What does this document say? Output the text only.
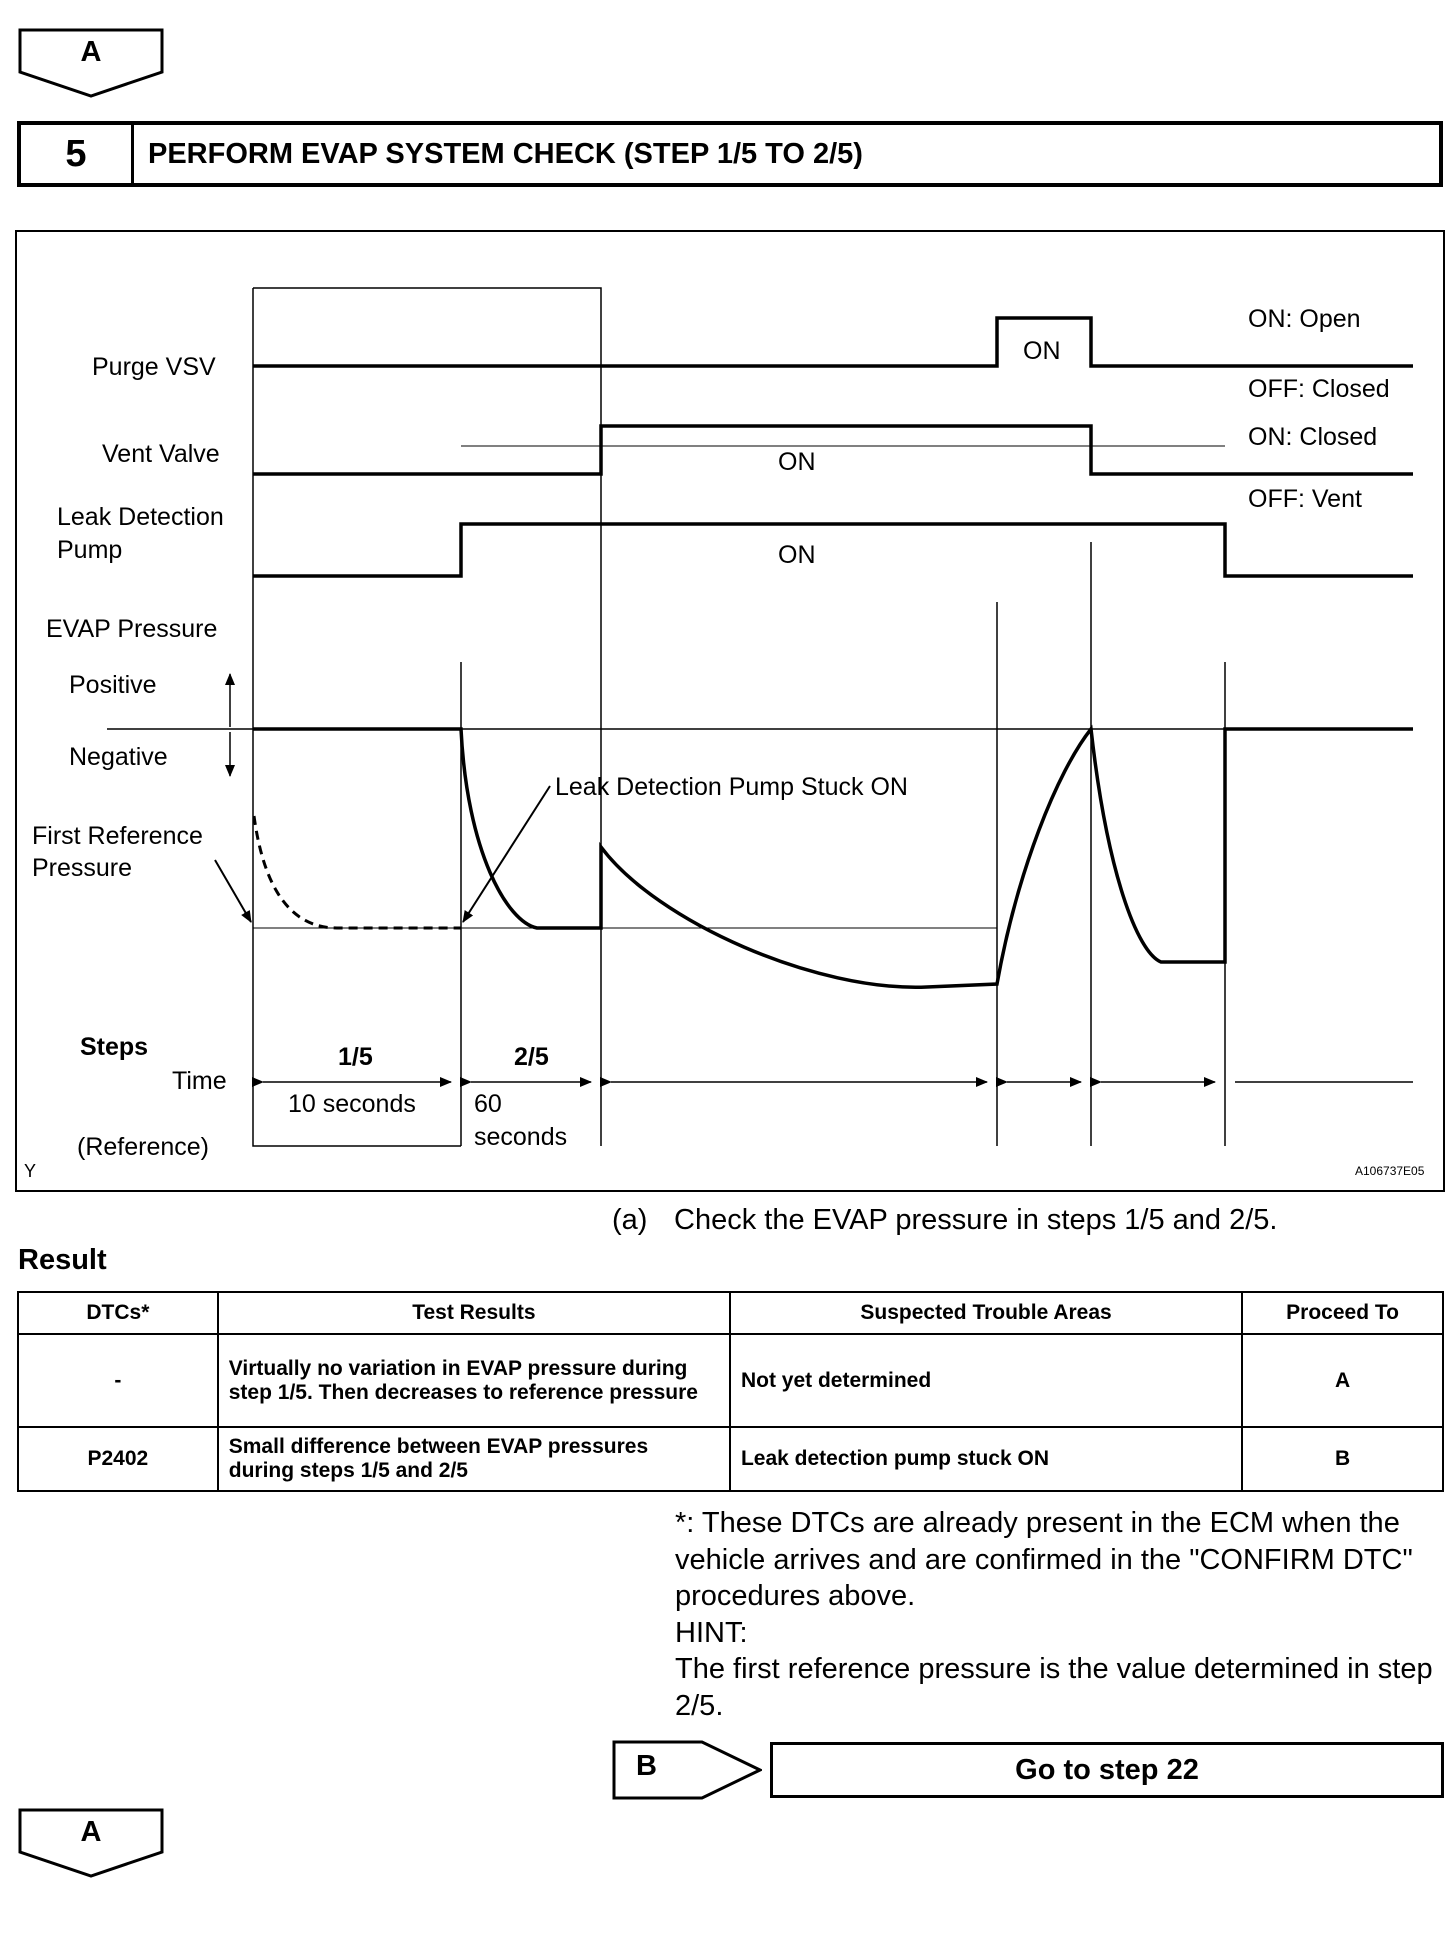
A
5	PERFORM EVAP SYSTEM CHECK (STEP 1/5 TO 2/5)
Purge VSV
Vent Valve
Leak Detection
Pump
EVAP Pressure
Positive
Negative
First Reference
Pressure
ON: Open
OFF: Closed
ON: Closed
OFF: Vent
ON
ON
ON
Leak Detection Pump Stuck ON
Steps
Time
(Reference)
1/5	2/5
10 seconds 60
seconds
Y	A106737E05
(a) Check the EVAP pressure in steps 1/5 and 2/5.
Result
DTCs*	Test Results	Suspected Trouble Areas	Proceed To
-	Virtually no variation in EVAP pressure during step 1/5. Then decreases to reference pressure	Not yet determined	A
P2402	Small difference between EVAP pressures during steps 1/5 and 2/5	Leak detection pump stuck ON	B

*: These DTCs are already present in the ECM when the vehicle arrives and are confirmed in the "CONFIRM DTC" procedures above.

HINT:

The first reference pressure is the value determined in step 2/5.

B	Go to step 22
A
